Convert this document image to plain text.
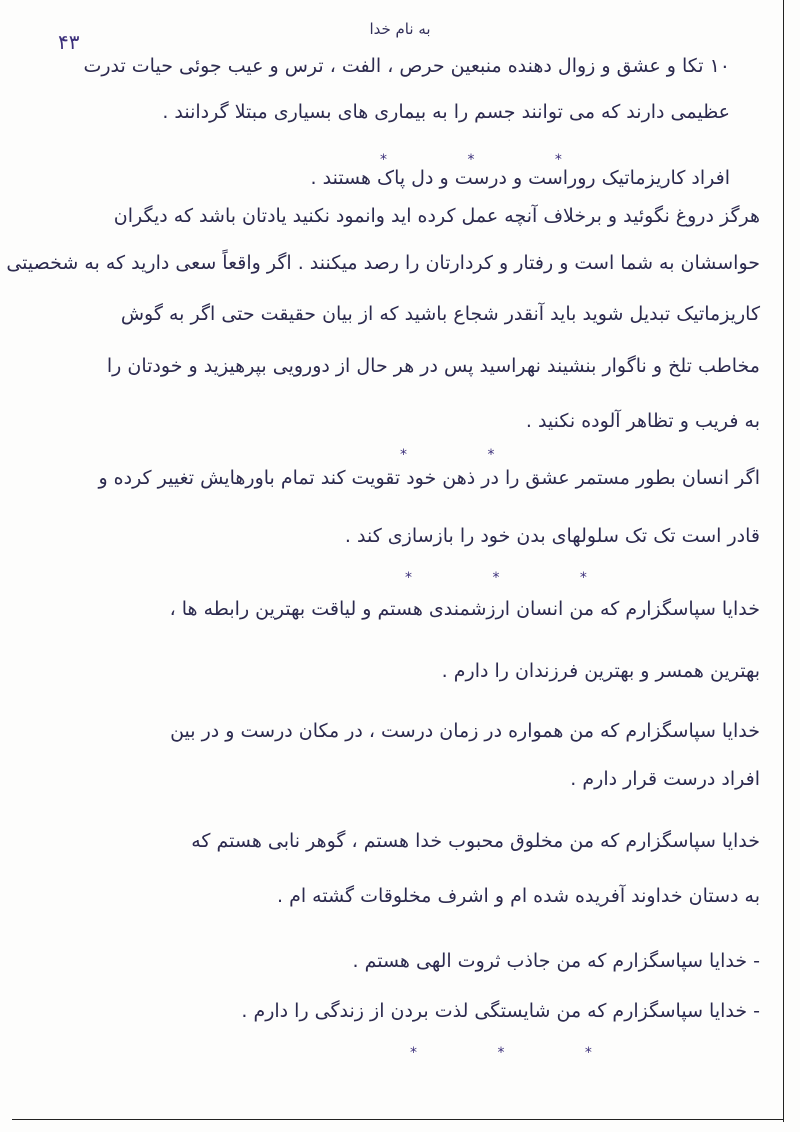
۴۳
به نام خدا
۱۰ تکا و عشق و زوال دهنده منبعین حرص ، الفت ، ترس و عیب جوئی حیات تدرت
عظیمی دارند که می توانند جسم را به بیماری های بسیاری مبتلا گردانند .
* * *
افراد کاریزماتیک روراست و درست و دل پاک هستند .
هرگز دروغ نگوئید و برخلاف آنچه عمل کرده اید وانمود نکنید یادتان باشد که دیگران
حواسشان به شما است و رفتار و کردارتان را رصد میکنند . اگر واقعاً سعی دارید که به شخصیتی
کاریزماتیک تبدیل شوید باید آنقدر شجاع باشید که از بیان حقیقت حتی اگر به گوش
مخاطب تلخ و ناگوار بنشیند نهراسید پس در هر حال از دورویی بپرهیزید و خودتان را
به فریب و تظاهر آلوده نکنید .
* *
اگر انسان بطور مستمر عشق را در ذهن خود تقویت کند تمام باورهایش تغییر کرده و
قادر است تک تک سلولهای بدن خود را بازسازی کند .
* * *
خدایا سپاسگزارم که من انسان ارزشمندی هستم و لیاقت بهترین رابطه ها ،
بهترین همسر و بهترین فرزندان را دارم .
خدایا سپاسگزارم که من همواره در زمان درست ، در مکان درست و در بین
افراد درست قرار دارم .
خدایا سپاسگزارم که من مخلوق محبوب خدا هستم ، گوهر نابی هستم که
به دستان خداوند آفریده شده ام و اشرف مخلوقات گشته ام .
- خدایا سپاسگزارم که من جاذب ثروت الهی هستم .
- خدایا سپاسگزارم که من شایستگی لذت بردن از زندگی را دارم .
* * *
